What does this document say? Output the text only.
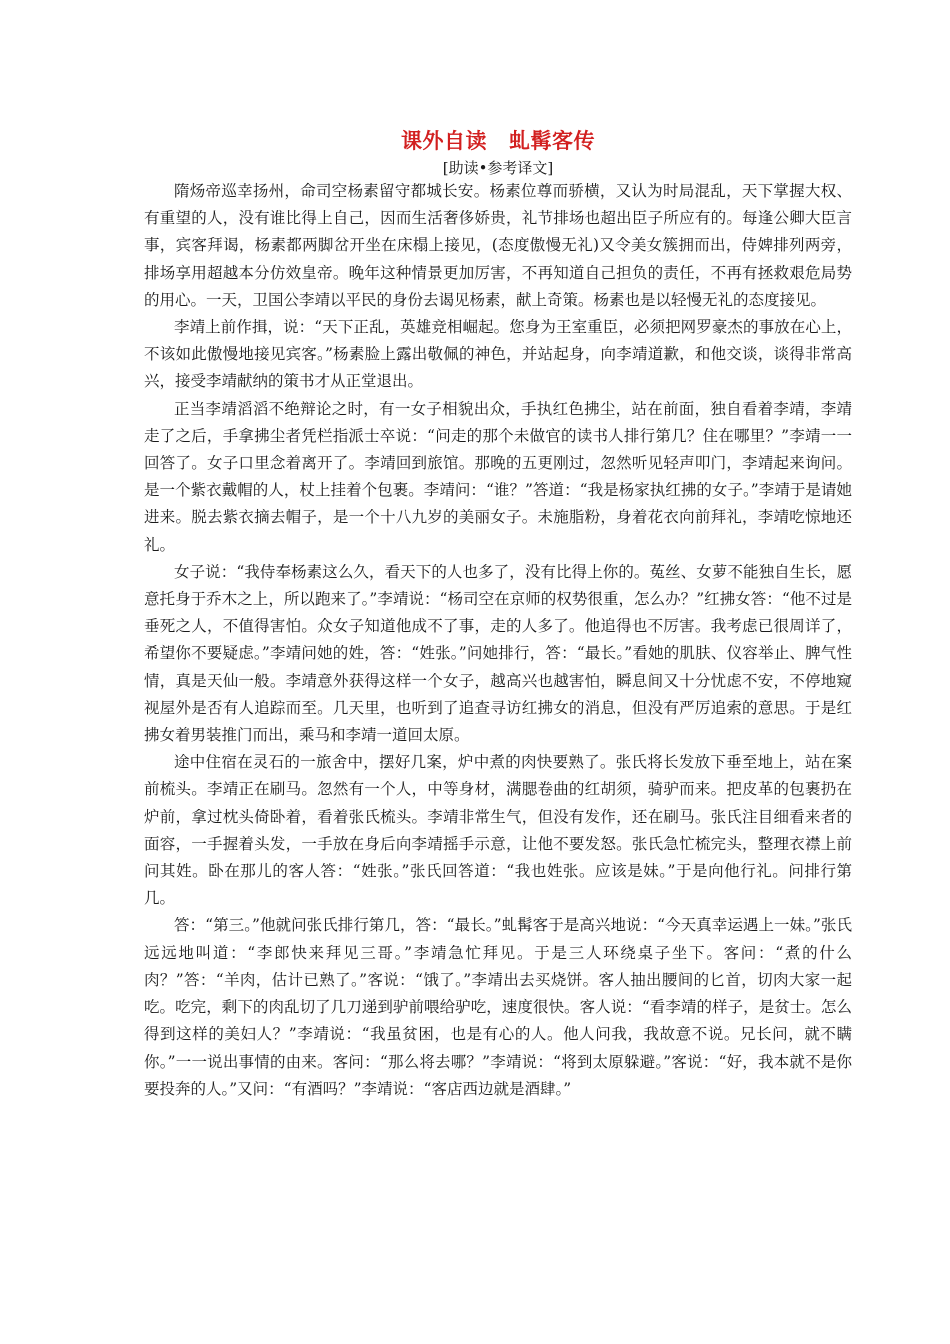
课外自读 虬髯客传
[助读•参考译文]

隋炀帝巡幸扬州，命司空杨素留守都城长安。杨素位尊而骄横，又认为时局混乱，天下掌握大权、有重望的人，没有谁比得上自己，因而生活奢侈娇贵，礼节排场也超出臣子所应有的。每逢公卿大臣言事，宾客拜谒，杨素都两脚岔开坐在床榻上接见，(态度傲慢无礼)又令美女簇拥而出，侍婢排列两旁，排场享用超越本分仿效皇帝。晚年这种情景更加厉害，不再知道自己担负的责任，不再有拯救艰危局势的用心。一天，卫国公李靖以平民的身份去谒见杨素，献上奇策。杨素也是以轻慢无礼的态度接见。

李靖上前作揖，说：“天下正乱，英雄竞相崛起。您身为王室重臣，必须把网罗豪杰的事放在心上，不该如此傲慢地接见宾客。”杨素脸上露出敬佩的神色，并站起身，向李靖道歉，和他交谈，谈得非常高兴，接受李靖献纳的策书才从正堂退出。

正当李靖滔滔不绝辩论之时，有一女子相貌出众，手执红色拂尘，站在前面，独自看着李靖，李靖走了之后，手拿拂尘者凭栏指派士卒说：“问走的那个未做官的读书人排行第几？住在哪里？”李靖一一回答了。女子口里念着离开了。李靖回到旅馆。那晚的五更刚过，忽然听见轻声叩门，李靖起来询问。是一个紫衣戴帽的人，杖上挂着个包裹。李靖问：“谁？”答道：“我是杨家执红拂的女子。”李靖于是请她进来。脱去紫衣摘去帽子，是一个十八九岁的美丽女子。未施脂粉，身着花衣向前拜礼，李靖吃惊地还礼。

女子说：“我侍奉杨素这么久，看天下的人也多了，没有比得上你的。菟丝、女萝不能独自生长，愿意托身于乔木之上，所以跑来了。”李靖说：“杨司空在京师的权势很重，怎么办？”红拂女答：“他不过是垂死之人，不值得害怕。众女子知道他成不了事，走的人多了。他追得也不厉害。我考虑已很周详了，希望你不要疑虑。”李靖问她的姓，答：“姓张。”问她排行，答：“最长。”看她的肌肤、仪容举止、脾气性情，真是天仙一般。李靖意外获得这样一个女子，越高兴也越害怕，瞬息间又十分忧虑不安，不停地窥视屋外是否有人追踪而至。几天里，也听到了追查寻访红拂女的消息，但没有严厉追索的意思。于是红拂女着男装推门而出，乘马和李靖一道回太原。

途中住宿在灵石的一旅舍中，摆好几案，炉中煮的肉快要熟了。张氏将长发放下垂至地上，站在案前梳头。李靖正在刷马。忽然有一个人，中等身材，满腮卷曲的红胡须，骑驴而来。把皮革的包裹扔在炉前，拿过枕头倚卧着，看着张氏梳头。李靖非常生气，但没有发作，还在刷马。张氏注目细看来者的面容，一手握着头发，一手放在身后向李靖摇手示意，让他不要发怒。张氏急忙梳完头，整理衣襟上前问其姓。卧在那儿的客人答：“姓张。”张氏回答道：“我也姓张。应该是妹。”于是向他行礼。问排行第几。

答：“第三。”他就问张氏排行第几，答：“最长。”虬髯客于是高兴地说：“今天真幸运遇上一妹。”张氏远远地叫道：“李郎快来拜见三哥。”李靖急忙拜见。于是三人环绕桌子坐下。客问：“煮的什么肉？”答：“羊肉，估计已熟了。”客说：“饿了。”李靖出去买烧饼。客人抽出腰间的匕首，切肉大家一起吃。吃完，剩下的肉乱切了几刀递到驴前喂给驴吃，速度很快。客人说：“看李靖的样子，是贫士。怎么得到这样的美妇人？”李靖说：“我虽贫困，也是有心的人。他人问我，我故意不说。兄长问，就不瞒你。”一一说出事情的由来。客问：“那么将去哪？”李靖说：“将到太原躲避。”客说：“好，我本就不是你要投奔的人。”又问：“有酒吗？”李靖说：“客店西边就是酒肆。”
